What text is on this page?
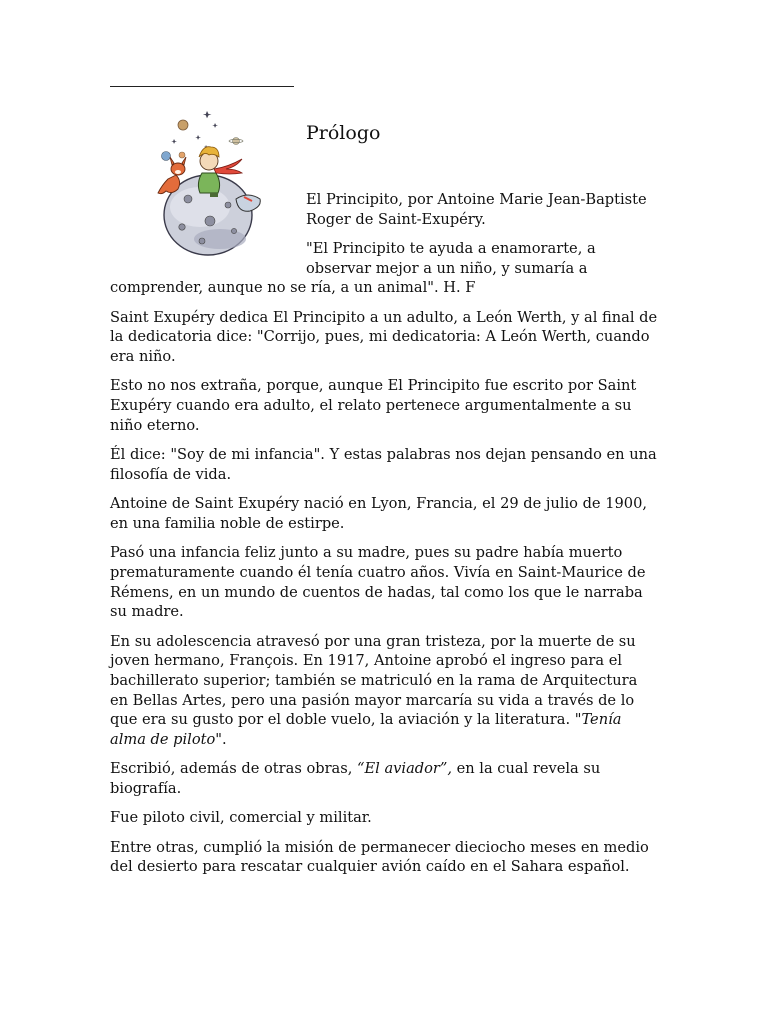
Prólogo

El Principito, por Antoine Marie Jean-Baptiste Roger de Saint-Exupéry.

"El Principito te ayuda a enamorarte, a observar mejor a un niño, y sumaría a comprender, aunque no se ría, a un animal". H. F

Saint Exupéry dedica El Principito a un adulto, a León Werth, y al final de la dedicatoria dice: "Corrijo, pues, mi dedicatoria: A León Werth, cuando era niño.

Esto no nos extraña, porque, aunque El Principito fue escrito por Saint Exupéry cuando era adulto, el relato pertenece argumentalmente a su niño eterno.

Él dice: "Soy de mi infancia". Y estas palabras nos dejan pensando en una filosofía de vida.

Antoine de Saint Exupéry nació en Lyon, Francia, el 29 de julio de 1900, en una familia noble de estirpe.

Pasó una infancia feliz junto a su madre, pues su padre había muerto prematuramente cuando él tenía cuatro años. Vivía en Saint-Maurice de Rémens, en un mundo de cuentos de hadas, tal como los que le narraba su madre.

En su adolescencia atravesó por una gran tristeza, por la muerte de su joven hermano, François. En 1917, Antoine aprobó el ingreso para el bachillerato superior; también se matriculó en la rama de Arquitectura en Bellas Artes, pero una pasión mayor marcaría su vida a través de lo que era su gusto por el doble vuelo, la aviación y la literatura. "Tenía alma de piloto".

Escribió, además de otras obras, “El aviador”, en la cual revela su biografía.

Fue piloto civil, comercial y militar.

Entre otras, cumplió la misión de permanecer dieciocho meses en medio del desierto para rescatar cualquier avión caído en el Sahara español.
